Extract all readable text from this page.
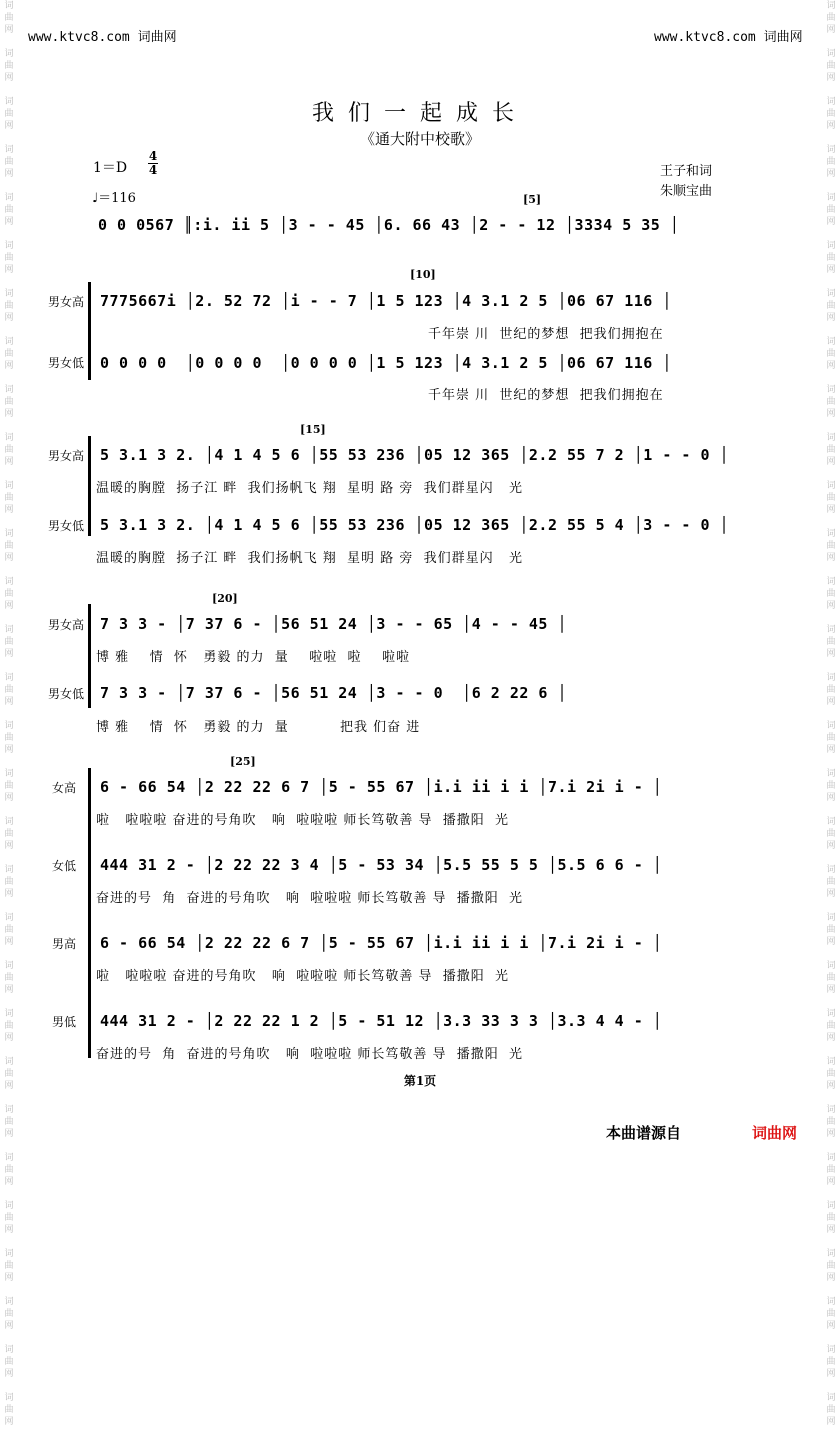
www.ktvc8.com 词曲网	www.ktvc8.com 词曲网
词
曲
网
词
曲
网
词
曲
网
词
曲
网
词
曲
网
词
曲
网
词
曲
网
词
曲
网
词
曲
网
词
曲
网
词
曲
网
词
曲
网
词
曲
网
词
曲
网
词
曲
网
词
曲
网
词
曲
网
词
曲
网
词
曲
网
词
曲
网
词
曲
网
词
曲
网
词
曲
网
词
曲
网
词
曲
网
词
曲
网
词
曲
网
词
曲
网
词
曲
网
词
曲
网
词
曲
网
词
曲
网
词
曲
网
词
曲
网
词
曲
网
词
曲
网
词
曲
网
词
曲
网
词
曲
网
词
曲
网
词
曲
网
词
曲
网
词
曲
网
词
曲
网
词
曲
网
词
曲
网
词
曲
网
词
曲
网
词
曲
网
词
曲
网
词
曲
网
词
曲
网
词
曲
网
词
曲
网
词
曲
网
词
曲
网
词
曲
网
词
曲
网
词
曲
网
词
曲
网
我们一起成长
《通大附中校歌》
1＝D
4
4
♩＝116
王子和词
朱顺宝曲
[5]
[10]
[15]
[20]
[25]
0 0 0567 ║:i. ii 5 │3 - - 45 │6. 66 43 │2 - - 12 │3334 5 35 │
男女高 7775667i │2. 52 72 │i - - 7 │1 5 123 │4 3.1 2 5 │06 67 116 │
千年崇 川  世纪的梦想  把我们拥抱在
男女低 0 0 0 0  │0 0 0 0  │0 0 0 0 │1 5 123 │4 3.1 2 5 │06 67 116 │
千年崇 川  世纪的梦想  把我们拥抱在
男女高 5 3.1 3 2. │4 1 4 5 6 │55 53 236 │05 12 365 │2.2 55 7 2 │1 - - 0 │
温暖的胸膛  扬子江 畔  我们扬帆飞 翔  星明 路 旁  我们群星闪   光
男女低 5 3.1 3 2. │4 1 4 5 6 │55 53 236 │05 12 365 │2.2 55 5 4 │3 - - 0 │
温暖的胸膛  扬子江 畔  我们扬帆飞 翔  星明 路 旁  我们群星闪   光
男女高 7 3 3 - │7 37 6 - │56 51 24 │3 - - 65 │4 - - 45 │
博 雅    情  怀   勇毅 的力  量    啦啦  啦    啦啦
男女低 7 3 3 - │7 37 6 - │56 51 24 │3 - - 0  │6 2 22 6 │
博 雅    情  怀   勇毅 的力  量          把我 们奋 进
女高 6 - 66 54 │2 22 22 6 7 │5 - 55 67 │i.i ii i i │7.i 2i i - │
啦   啦啦啦 奋进的号角吹   响  啦啦啦 师长笃敬善 导  播撒阳  光
女低 444 31 2 - │2 22 22 3 4 │5 - 53 34 │5.5 55 5 5 │5.5 6 6 - │
奋进的号  角  奋进的号角吹   响  啦啦啦 师长笃敬善 导  播撒阳  光
男高 6 - 66 54 │2 22 22 6 7 │5 - 55 67 │i.i ii i i │7.i 2i i - │
啦   啦啦啦 奋进的号角吹   响  啦啦啦 师长笃敬善 导  播撒阳  光
男低 444 31 2 - │2 22 22 1 2 │5 - 51 12 │3.3 33 3 3 │3.3 4 4 - │
奋进的号  角  奋进的号角吹   响  啦啦啦 师长笃敬善 导  播撒阳  光
第1页
本曲谱源自	词曲网
